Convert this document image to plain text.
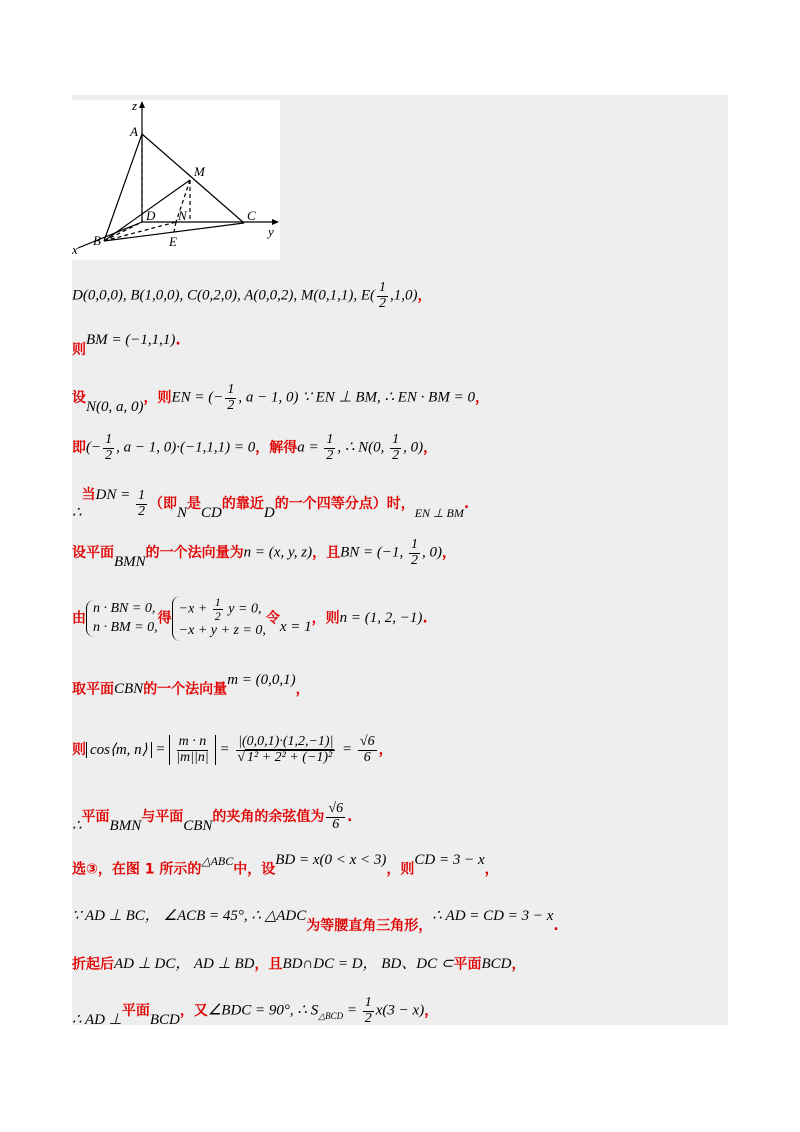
z
A
M
D N	C
y
x
B	E
D(0,0,0), B(1,0,0), C(0,2,0), A(0,0,2), M(0,1,1), $E( \frac{1}{2} ,1,0)$，
则BM = (−1,1,1).
设N(0, a, 0)，则EN = (− $\frac{1}{2}$ , a − 1, 0) ∵ EN ⊥ BM, ∴ EN · BM = 0，
即(− $\frac{1}{2}$ , a − 1, 0)·(−1,1,1) = 0，解得$a = \frac{1}{2}$ , ∴ N(0, $\frac{1}{2}$ , 0)，
∴当DN = $\frac{1}{2}$ （即N是CD的靠近D的一个四等分点）时，$_{EN \perp BM}$.
设平面BMN的一个法向量为n = (x, y, z)，且BN = (−1, $\frac{1}{2}$ , 0)，
由
n · BN = 0,
n · BM = 0,
得
$-x + \frac{1}{2}$ y = 0,
−x + y + z = 0,
令x = 1，则n = (1, 2, −1).
取平面CBN的一个法向量m = (0,0,1)，
则 cos⟨m, n⟩ = $\frac{m \cdot n}{|m||n|} = \frac{|(0,0,1)\cdot(1,2,-1)|}{\text{√ 1² + 2² + (−1)²}} = \frac{√6}{6}$ ，
∴平面BMN与平面CBN的夹角的余弦值为 $\frac{√6}{6}$ .
选③，在图 1 所示的$^{\triangle ABC}$中，设BD = x(0 < x < 3)，则CD = 3 − x，
∵ AD ⊥ BC， ∠ACB = 45°, ∴ △ADC为等腰直角三角形，∴ AD = CD = 3 − x.
折起后AD ⊥ DC， AD ⊥ BD，且BD∩DC = D， BD、DC ⊂平面BCD，
∴ AD ⊥平面BCD，又∠BDC = 90°, ∴ $S_{\triangle BCD} = \frac{1}{2} x(3 - x)$，
